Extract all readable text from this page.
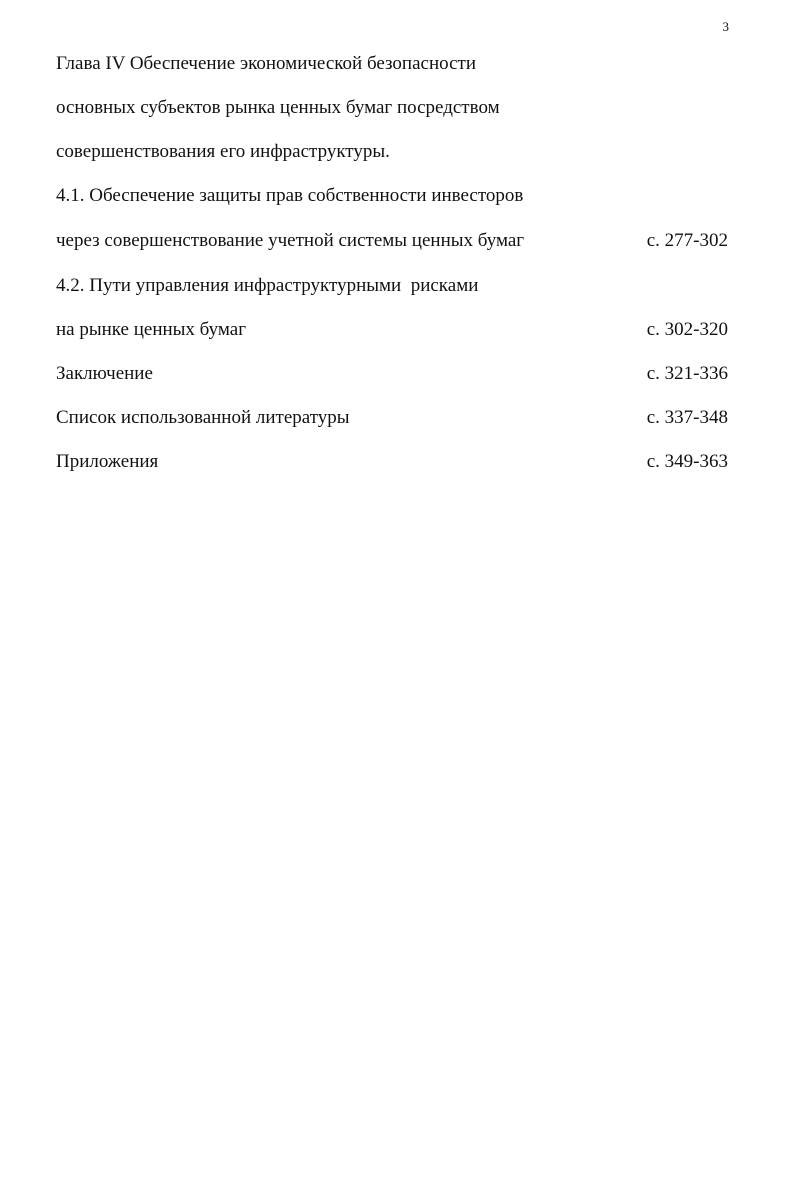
3
Глава IV Обеспечение экономической безопасности
основных субъектов рынка ценных бумаг посредством
совершенствования его инфраструктуры.
4.1. Обеспечение защиты прав собственности инвесторов
через совершенствование учетной системы ценных бумаг	с. 277-302
4.2. Пути управления инфраструктурными  рисками
на рынке ценных бумаг	с. 302-320
Заключение	с. 321-336
Список использованной литературы	с. 337-348
Приложения	с. 349-363
